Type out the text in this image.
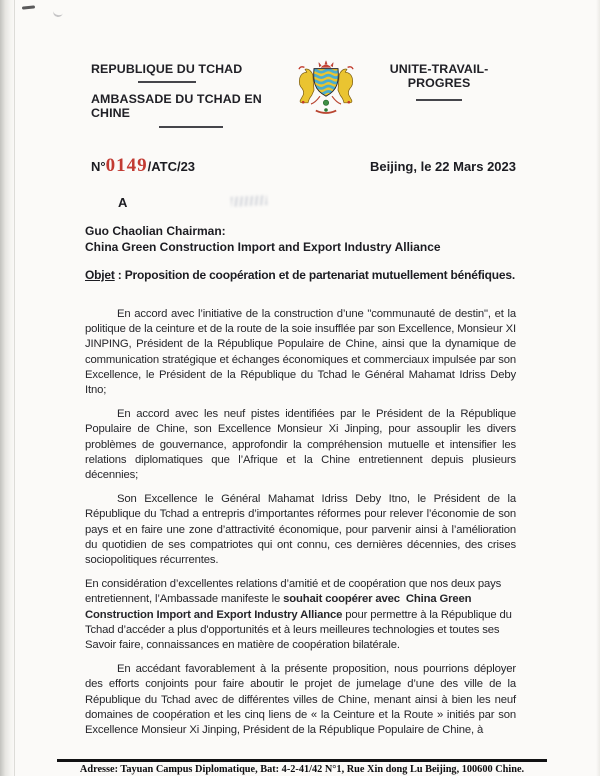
REPUBLIQUE DU TCHAD
AMBASSADE DU TCHAD EN CHINE
UNITE-TRAVAIL- PROGRES
N°0149/ATC/23	Beijing, le 22 Mars 2023
A
Guo Chaolian Chairman:
China Green Construction Import and Export Industry Alliance
Objet : Proposition de coopération et de partenariat mutuellement bénéfiques.

En accord avec l’initiative de la construction d’une "communauté de destin", et la politique de la ceinture et de la route de la soie insufflée par son Excellence, Monsieur XI JINPING, Président de la République Populaire de Chine, ainsi que la dynamique de communication stratégique et échanges économiques et commerciaux impulsée par son Excellence, le Président de la République du Tchad le Général Mahamat Idriss Deby Itno;

En accord avec les neuf pistes identifiées par le Président de la République Populaire de Chine, son Excellence Monsieur Xi Jinping, pour assouplir les divers problèmes de gouvernance, approfondir la compréhension mutuelle et intensifier les relations diplomatiques que l’Afrique et la Chine entretiennent depuis plusieurs décennies;

Son Excellence le Général Mahamat Idriss Deby Itno, le Président de la République du Tchad a entrepris d’importantes réformes pour relever l’économie de son pays et en faire une zone d’attractivité économique, pour parvenir ainsi à l’amélioration du quotidien de ses compatriotes qui ont connu, ces dernières décennies, des crises sociopolitiques récurrentes.

En considération d’excellentes relations d’amitié et de coopération que nos deux pays entretiennent, l’Ambassade manifeste le souhait coopérer avec  China Green Construction Import and Export Industry Alliance pour permettre à la République du Tchad d’accéder a plus d'opportunités et à leurs meilleures technologies et toutes ses Savoir faire, connaissances en matière de coopération bilatérale.

En accédant favorablement à la présente proposition, nous pourrions déployer des efforts conjoints pour faire aboutir le projet de jumelage d’une des ville de la République du Tchad avec de différentes villes de Chine, menant ainsi à bien les neuf domaines de coopération et les cinq liens de « la Ceinture et la Route » initiés par son Excellence Monsieur Xi Jinping, Président de la République Populaire de Chine, à

Adresse: Tayuan Campus Diplomatique, Bat: 4-2-41/42 N°1, Rue Xin dong Lu Beijing, 100600 Chine.
